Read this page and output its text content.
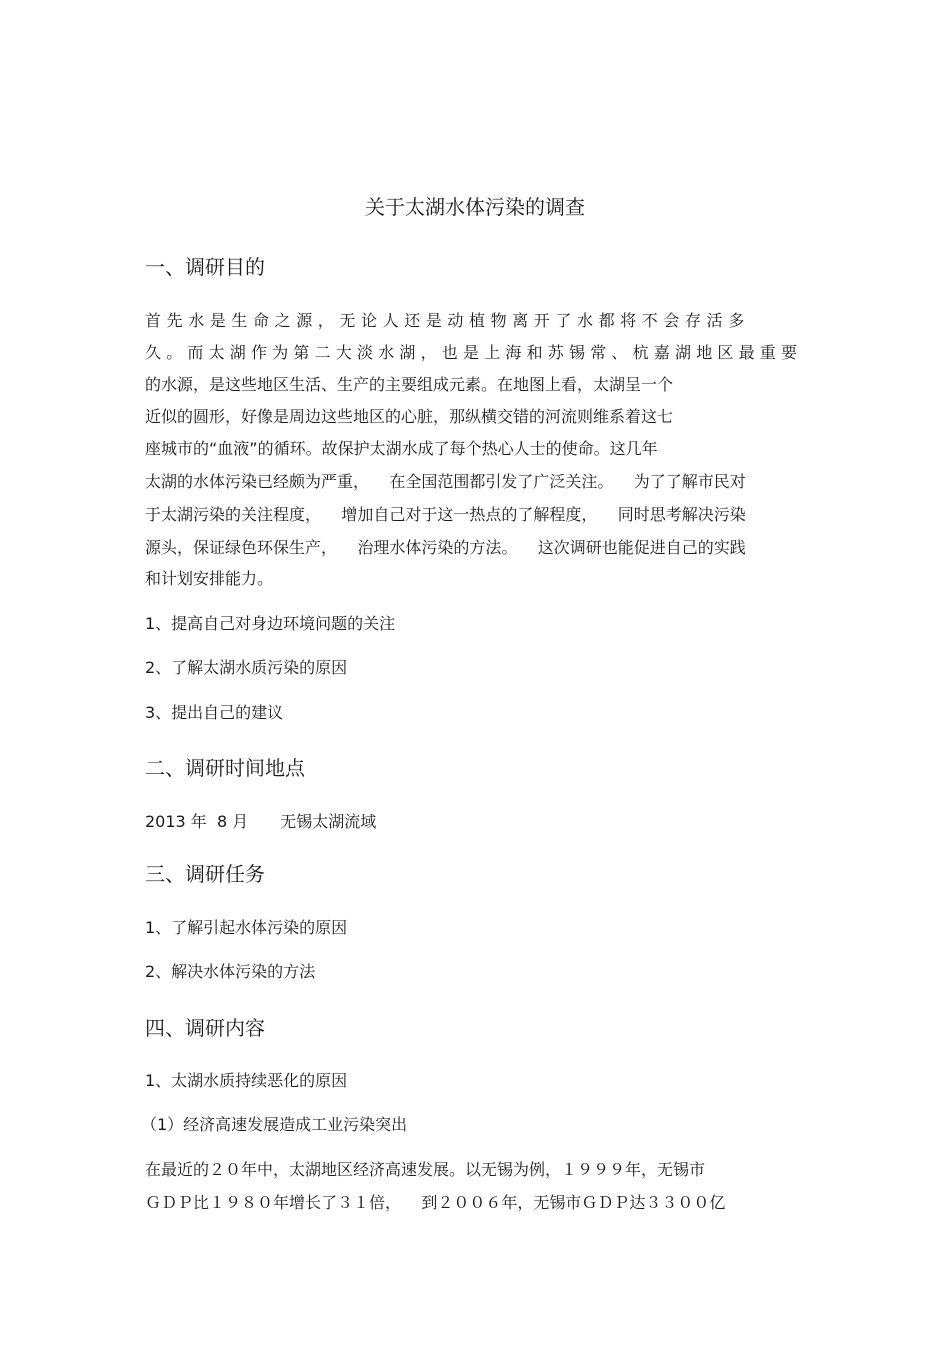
关于太湖水体污染的调查
一、调研目的
首先水是生命之源，无论人还是动植物离开了水都将不会存活多
久。而太湖作为第二大淡水湖，也是上海和苏锡常、杭嘉湖地区最重要
的水源，是这些地区生活、生产的主要组成元素。在地图上看，太湖呈一个
近似的圆形，好像是周边这些地区的心脏，那纵横交错的河流则维系着这七
座城市的“血液”的循环。故保护太湖水成了每个热心人士的使命。这几年
太湖的水体污染已经颇为严重，    在全国范围都引发了广泛关注。    为了了解市民对
于太湖污染的关注程度，    增加自己对于这一热点的了解程度，    同时思考解决污染
源头，保证绿色环保生产，    治理水体污染的方法。    这次调研也能促进自己的实践
和计划安排能力。
1、提高自己对身边环境问题的关注
2、了解太湖水质污染的原因
3、提出自己的建议
二、调研时间地点
2013 年  8 月 无锡太湖流域
三、调研任务
1、了解引起水体污染的原因
2、解决水体污染的方法
四、调研内容
1、太湖水质持续恶化的原因
（1）经济高速发展造成工业污染突出
在最近的２０年中，太湖地区经济高速发展。以无锡为例，１９９９年，无锡市
ＧＤＰ比１９８０年增长了３１倍，    到２００６年，无锡市ＧＤＰ达３３００亿
